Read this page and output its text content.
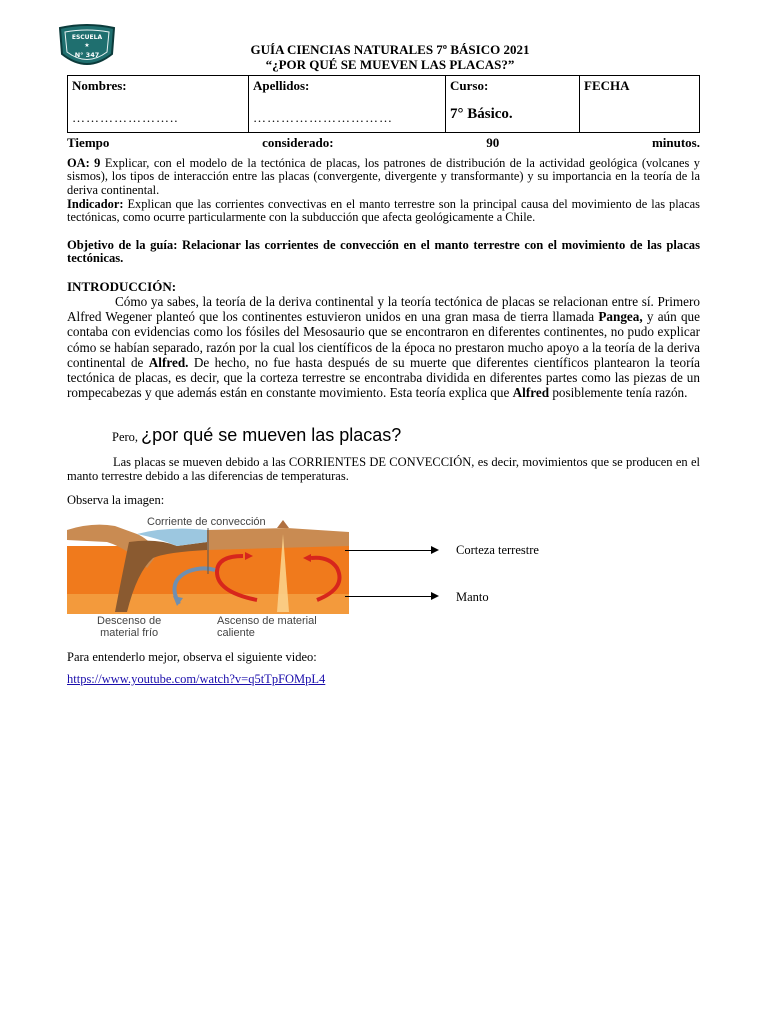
ESCUELA
★
N° 347	GUÍA CIENCIAS NATURALES 7º BÁSICO 2021
“¿POR QUÉ SE MUEVEN LAS PLACAS?”
Nombres:
…………………..

Apellidos:
…………………………

Curso:
7° Básico.

FECHA
Tiempo	considerado:	90	minutos.
OA: 9 Explicar, con el modelo de la tectónica de placas, los patrones de distribución de la actividad geológica (volcanes y sismos), los tipos de interacción entre las placas (convergente, divergente y transformante) y su importancia en la teoría de la deriva continental.
Indicador: Explican que las corrientes convectivas en el manto terrestre son la principal causa del movimiento de las placas tectónicas, como ocurre particularmente con la subducción que afecta geológicamente a Chile.
Objetivo de la guía: Relacionar las corrientes de convección en el manto terrestre con el movimiento de las placas tectónicas.
INTRODUCCIÓN:
Cómo ya sabes, la teoría de la deriva continental y la teoría tectónica de placas se relacionan entre sí. Primero Alfred Wegener planteó que los continentes estuvieron unidos en una gran masa de tierra llamada Pangea, y aún que contaba con evidencias como los fósiles del Mesosaurio que se encontraron en diferentes continentes, no pudo explicar cómo se habían separado, razón por la cual los científicos de la época no prestaron mucho apoyo a la teoría de la deriva continental de Alfred. De hecho, no fue hasta después de su muerte que diferentes científicos plantearon la teoría tectónica de placas, es decir, que la corteza terrestre se encontraba dividida en diferentes partes como las piezas de un rompecabezas y que además están en constante movimiento. Esta teoría explica que Alfred posiblemente tenía razón.
Pero, ¿por qué se mueven las placas?
Las placas se mueven debido a las CORRIENTES DE CONVECCIÓN, es decir, movimientos que se producen en el manto terrestre debido a las diferencias de temperaturas.
Observa la imagen:
Corriente de convección
Descenso de
material frío
Ascenso de material
caliente
Corteza terrestre
Manto
Para entenderlo mejor, observa el siguiente video:
https://www.youtube.com/watch?v=q5tTpFOMpL4
